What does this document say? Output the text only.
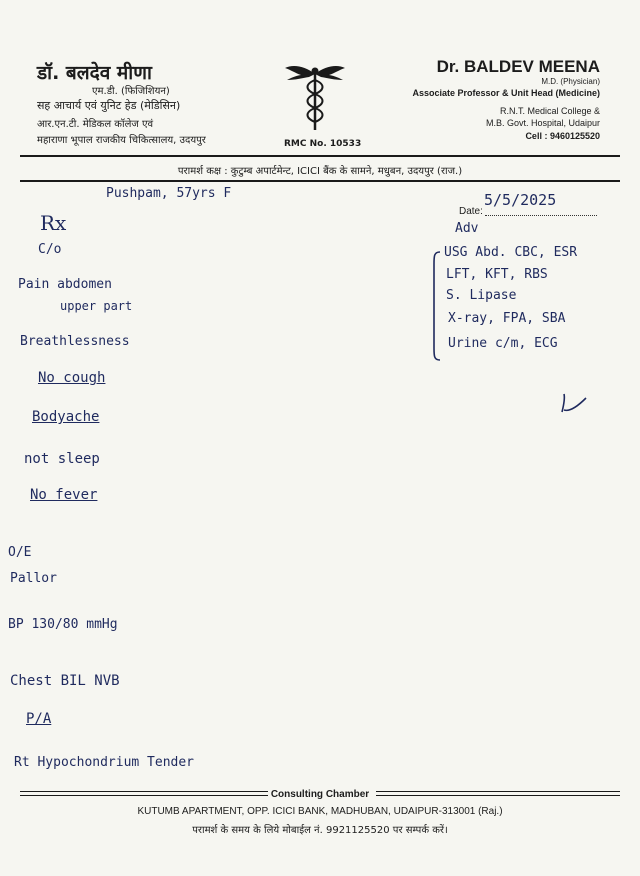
डॉ. बलदेव मीणा
एम.डी. (फिजिशियन)
सह आचार्य एवं युनिट हेड (मेडिसिन)
आर.एन.टी. मेडिकल कॉलेज एवं
महाराणा भूपाल राजकीय चिकित्सालय, उदयपुर	RMC No. 10533
Dr. BALDEV MEENA
M.D. (Physician)
Associate Professor & Unit Head (Medicine)
R.N.T. Medical College &
M.B. Govt. Hospital, Udaipur
Cell : 9460125520
परामर्श कक्ष : कुटुम्ब अपार्टमेन्ट, ICICI बैंक के सामने, मधुबन, उदयपुर (राज.)
Date:
Pushpam, 57yrs F	5/5/2025
Rx
C/o
Pain abdomen
upper part
Breathlessness
No cough
Bodyache
not sleep
No fever
Adv
USG Abd. CBC, ESR
LFT, KFT, RBS
S. Lipase
X-ray, FPA, SBA
Urine c/m, ECG
O/E
Pallor
BP 130/80 mmHg
Chest BIL NVB
P/A
Rt Hypochondrium Tender
Consulting Chamber
KUTUMB APARTMENT, OPP. ICICI BANK, MADHUBAN, UDAIPUR-313001 (Raj.)
परामर्श के समय के लिये मोबाईल नं. 9921125520 पर सम्पर्क करें।
